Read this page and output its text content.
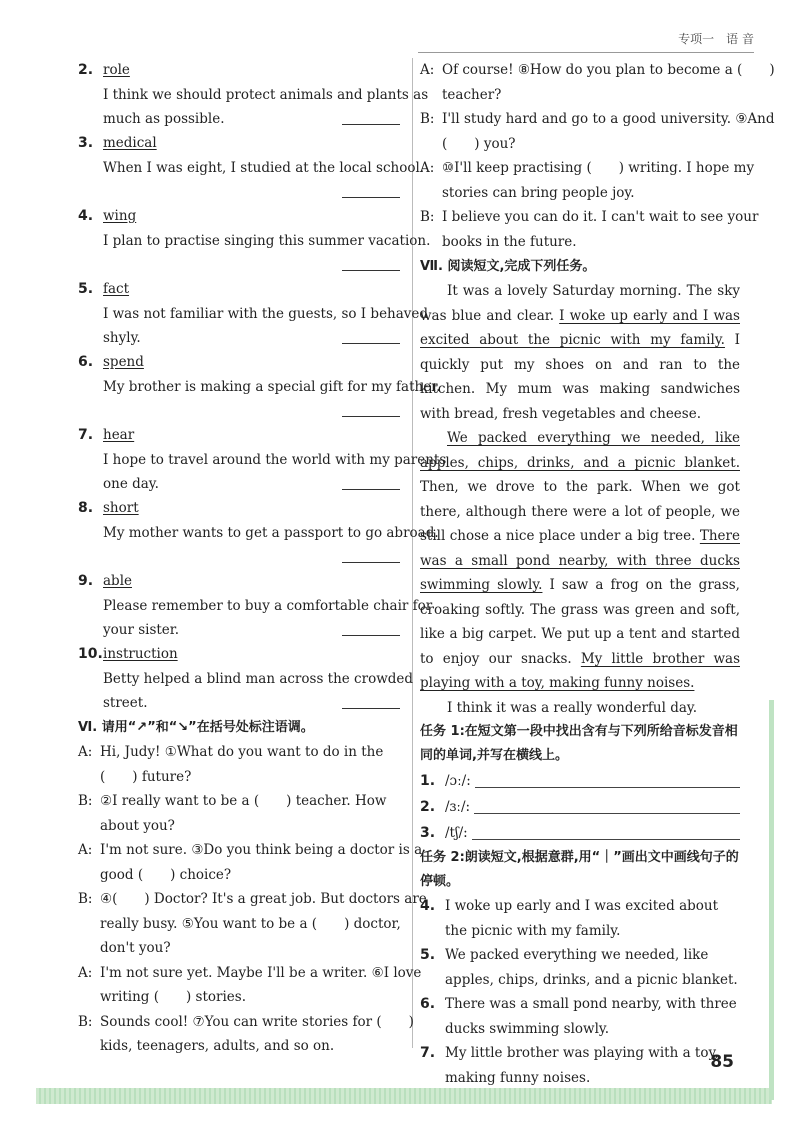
专项一　语 音
2. role
I think we should protect animals and plants as
much as possible.
3. medical
When I was eight, I studied at the local school.
4. wing
I plan to practise singing this summer vacation.
5. fact
I was not familiar with the guests, so I behaved
shyly.
6. spend
My brother is making a special gift for my father.
7. hear
I hope to travel around the world with my parents
one day.
8. short
My mother wants to get a passport to go abroad.
9. able
Please remember to buy a comfortable chair for
your sister.
10.instruction
Betty helped a blind man across the crowded
street.
Ⅵ. 请用“↗”和“↘”在括号处标注语调。
A: Hi, Judy! ①What do you want to do in the
(　　) future?
B: ②I really want to be a (　　) teacher. How
about you?
A: I'm not sure. ③Do you think being a doctor is a
good (　　) choice?
B: ④(　　) Doctor? It's a great job. But doctors are
really busy. ⑤You want to be a (　　) doctor,
don't you?
A: I'm not sure yet. Maybe I'll be a writer. ⑥I love
writing (　　) stories.
B: Sounds cool! ⑦You can write stories for (　　)
kids, teenagers, adults, and so on.
A: Of course! ⑧How do you plan to become a (　　)
teacher?
B: I'll study hard and go to a good university. ⑨And
(　　) you?
A: ⑩I'll keep practising (　　) writing. I hope my
stories can bring people joy.
B: I believe you can do it. I can't wait to see your
books in the future.
Ⅶ. 阅读短文,完成下列任务。
It was a lovely Saturday morning. The sky was blue and clear. I woke up early and I was excited about the picnic with my family. I quickly put my shoes on and ran to the kitchen. My mum was making sandwiches with bread, fresh vegetables and cheese.
We packed everything we needed, like apples, chips, drinks, and a picnic blanket. Then, we drove to the park. When we got there, although there were a lot of people, we still chose a nice place under a big tree. There was a small pond nearby, with three ducks swimming slowly. I saw a frog on the grass, croaking softly. The grass was green and soft, like a big carpet. We put up a tent and started to enjoy our snacks. My little brother was playing with a toy, making funny noises.
I think it was a really wonderful day.
任务 1:在短文第一段中找出含有与下列所给音标发音相同的单词,并写在横线上。
1. /ɔː/:
2. /ɜː/:
3. /tʃ/:
任务 2:朗读短文,根据意群,用“｜”画出文中画线句子的停顿。
4. I woke up early and I was excited about the picnic with my family.
5. We packed everything we needed, like apples, chips, drinks, and a picnic blanket.
6. There was a small pond nearby, with three ducks swimming slowly.
7. My little brother was playing with a toy, making funny noises.
85
